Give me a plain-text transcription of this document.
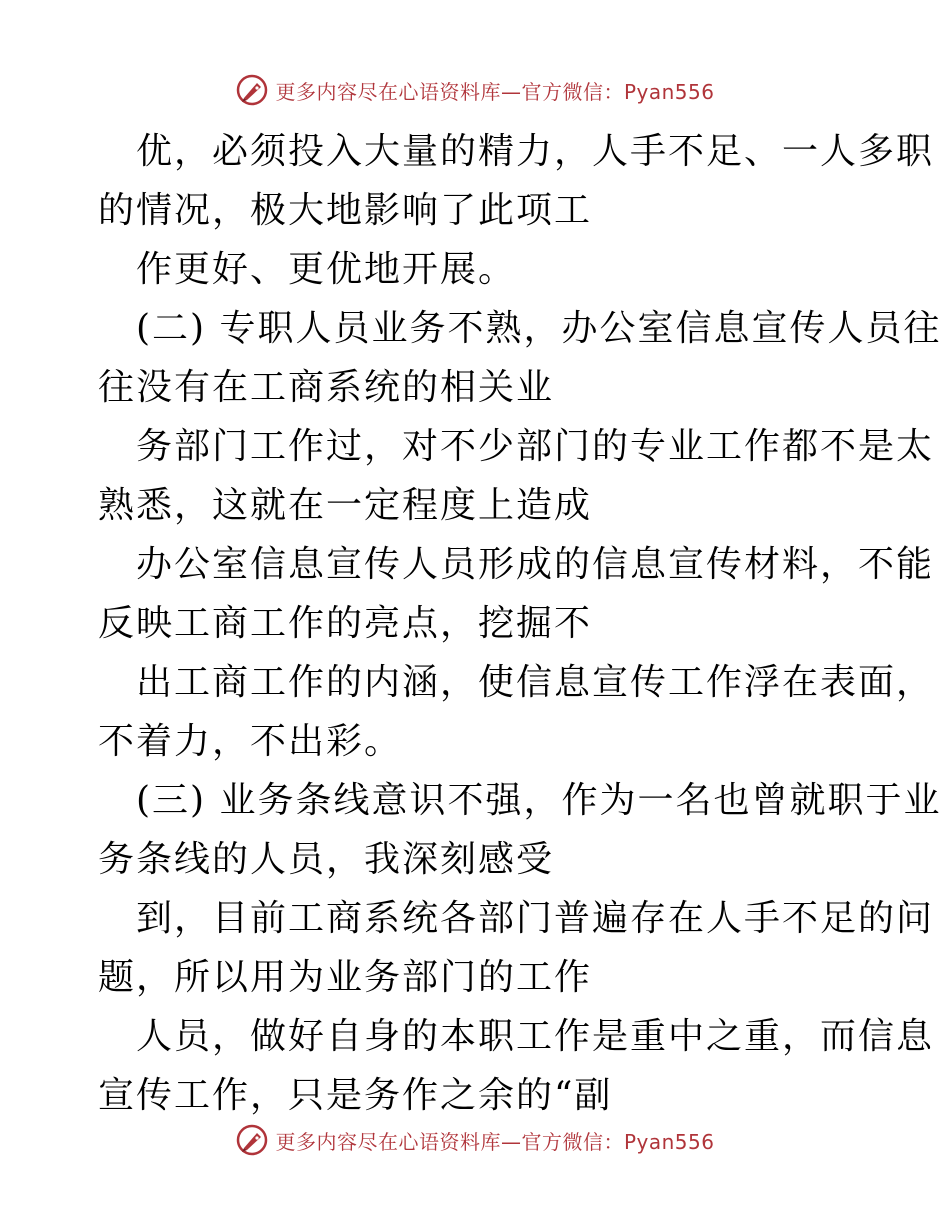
更多内容尽在心语资料库—官方微信：Pyan556
优，必须投入大量的精力，人手不足、一人多职
的情况，极大地影响了此项工
作更好、更优地开展。
(二) 专职人员业务不熟，办公室信息宣传人员往
往没有在工商系统的相关业
务部门工作过，对不少部门的专业工作都不是太
熟悉，这就在一定程度上造成
办公室信息宣传人员形成的信息宣传材料，不能
反映工商工作的亮点，挖掘不
出工商工作的内涵，使信息宣传工作浮在表面，
不着力，不出彩。
(三) 业务条线意识不强，作为一名也曾就职于业
务条线的人员，我深刻感受
到，目前工商系统各部门普遍存在人手不足的问
题，所以用为业务部门的工作
人员，做好自身的本职工作是重中之重，而信息
宣传工作，只是务作之余的“副
更多内容尽在心语资料库—官方微信：Pyan556
